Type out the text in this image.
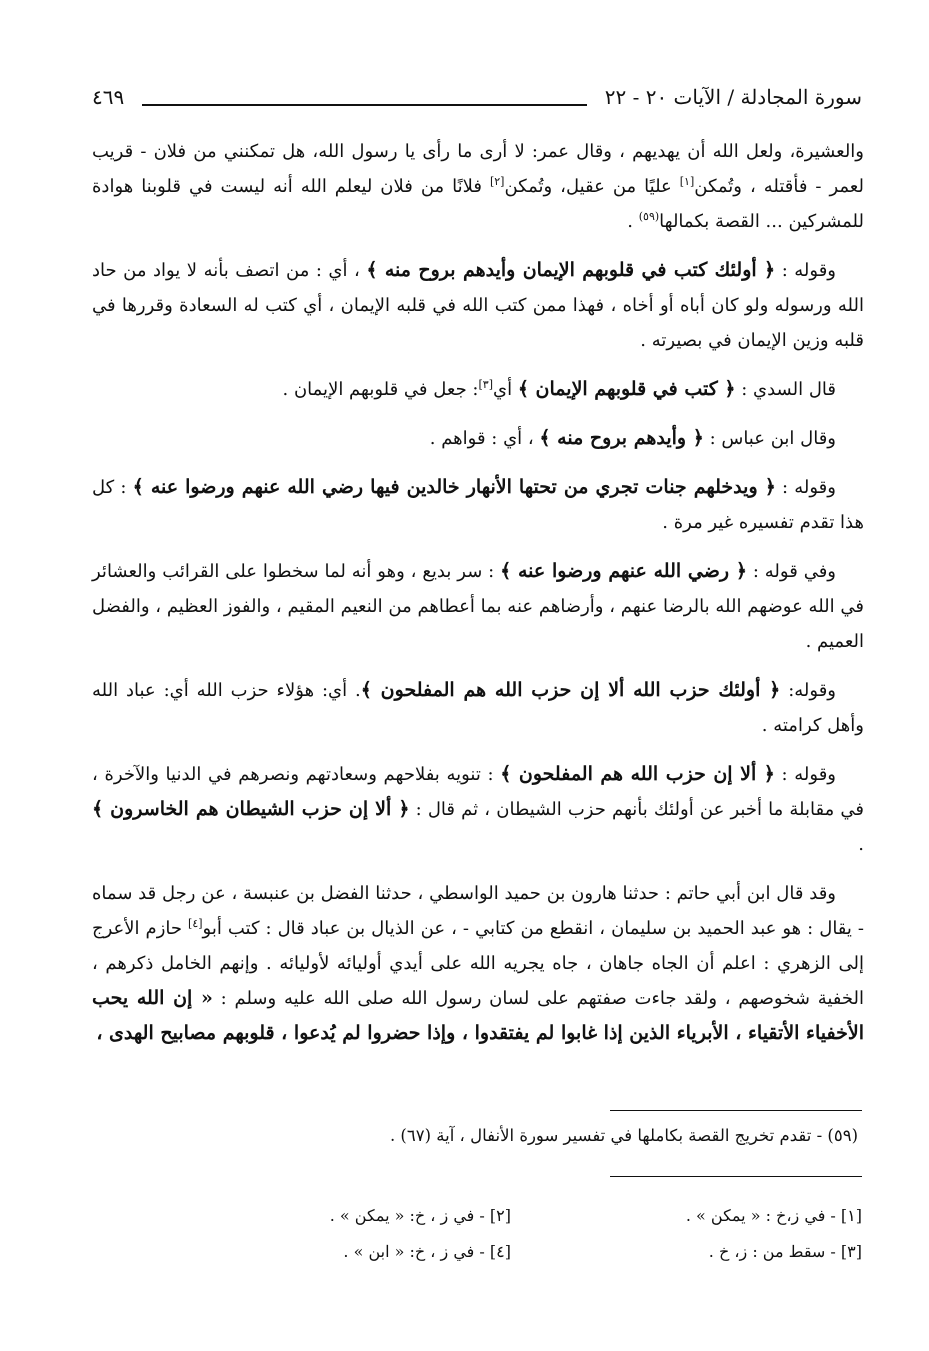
سورة المجادلة / الآيات ٢٠ - ٢٢
٤٦٩

والعشيرة، ولعل الله أن يهديهم ، وقال عمر: لا أرى ما رأى يا رسول الله، هل تمكنني من فلان - قريب لعمر - فأقتله ، وتُمكن[١] عليًا من عقيل، وتُمكن[٢] فلانًا من فلان ليعلم الله أنه ليست في قلوبنا هوادة للمشركين ... القصة بكمالها$^{(٥٩)}$ .

وقوله : ﴿ أولئك كتب في قلوبهم الإيمان وأيدهم بروح منه ﴾ ، أي : من اتصف بأنه لا يواد من حاد الله ورسوله ولو كان أباه أو أخاه ، فهذا ممن كتب الله في قلبه الإيمان ، أي كتب له السعادة وقررها في قلبه وزين الإيمان في بصيرته .

قال السدي : ﴿ كتب في قلوبهم الإيمان ﴾ أي[٣]: جعل في قلوبهم الإيمان .

وقال ابن عباس : ﴿ وأيدهم بروح منه ﴾ ، أي : قواهم .

وقوله : ﴿ ويدخلهم جنات تجري من تحتها الأنهار خالدين فيها رضي الله عنهم ورضوا عنه ﴾ : كل هذا تقدم تفسيره غير مرة .

وفي قوله : ﴿ رضي الله عنهم ورضوا عنه ﴾ : سر بديع ، وهو أنه لما سخطوا على القرائب والعشائر في الله عوضهم الله بالرضا عنهم ، وأرضاهم عنه بما أعطاهم من النعيم المقيم ، والفوز العظيم ، والفضل العميم .

وقوله: ﴿ أولئك حزب الله ألا إن حزب الله هم المفلحون ﴾. أي: هؤلاء حزب الله أي: عباد الله وأهل كرامته .

وقوله : ﴿ ألا إن حزب الله هم المفلحون ﴾ : تنويه بفلاحهم وسعادتهم ونصرهم في الدنيا والآخرة ، في مقابلة ما أخبر عن أولئك بأنهم حزب الشيطان ، ثم قال : ﴿ ألا إن حزب الشيطان هم الخاسرون ﴾ .

وقد قال ابن أبي حاتم : حدثنا هارون بن حميد الواسطي ، حدثنا الفضل بن عنبسة ، عن رجل قد سماه - يقال : هو عبد الحميد بن سليمان ، انقطع من كتابي - ، عن الذيال بن عباد قال : كتب أبو[٤] حازم الأعرج إلى الزهري : اعلم أن الجاه جاهان ، جاه يجريه الله على أيدي أوليائه لأوليائه . وإنهم الخامل ذكرهم ، الخفية شخوصهم ، ولقد جاءت صفتهم على لسان رسول الله صلى الله عليه وسلم : « إن الله يحب الأخفياء الأتقياء ، الأبرياء الذين إذا غابوا لم يفتقدوا ، وإذا حضروا لم يُدعوا ، قلوبهم مصابيح الهدى ،

(٥٩) - تقدم تخريج القصة بكاملها في تفسير سورة الأنفال ، آية (٦٧) .
[١] - في ز،خ : « يمكن » .
[٢] - في ز ، خ: « يمكن » .
[٣] - سقط من : ز، خ .
[٤] - في ز ، خ: « ابن » .
